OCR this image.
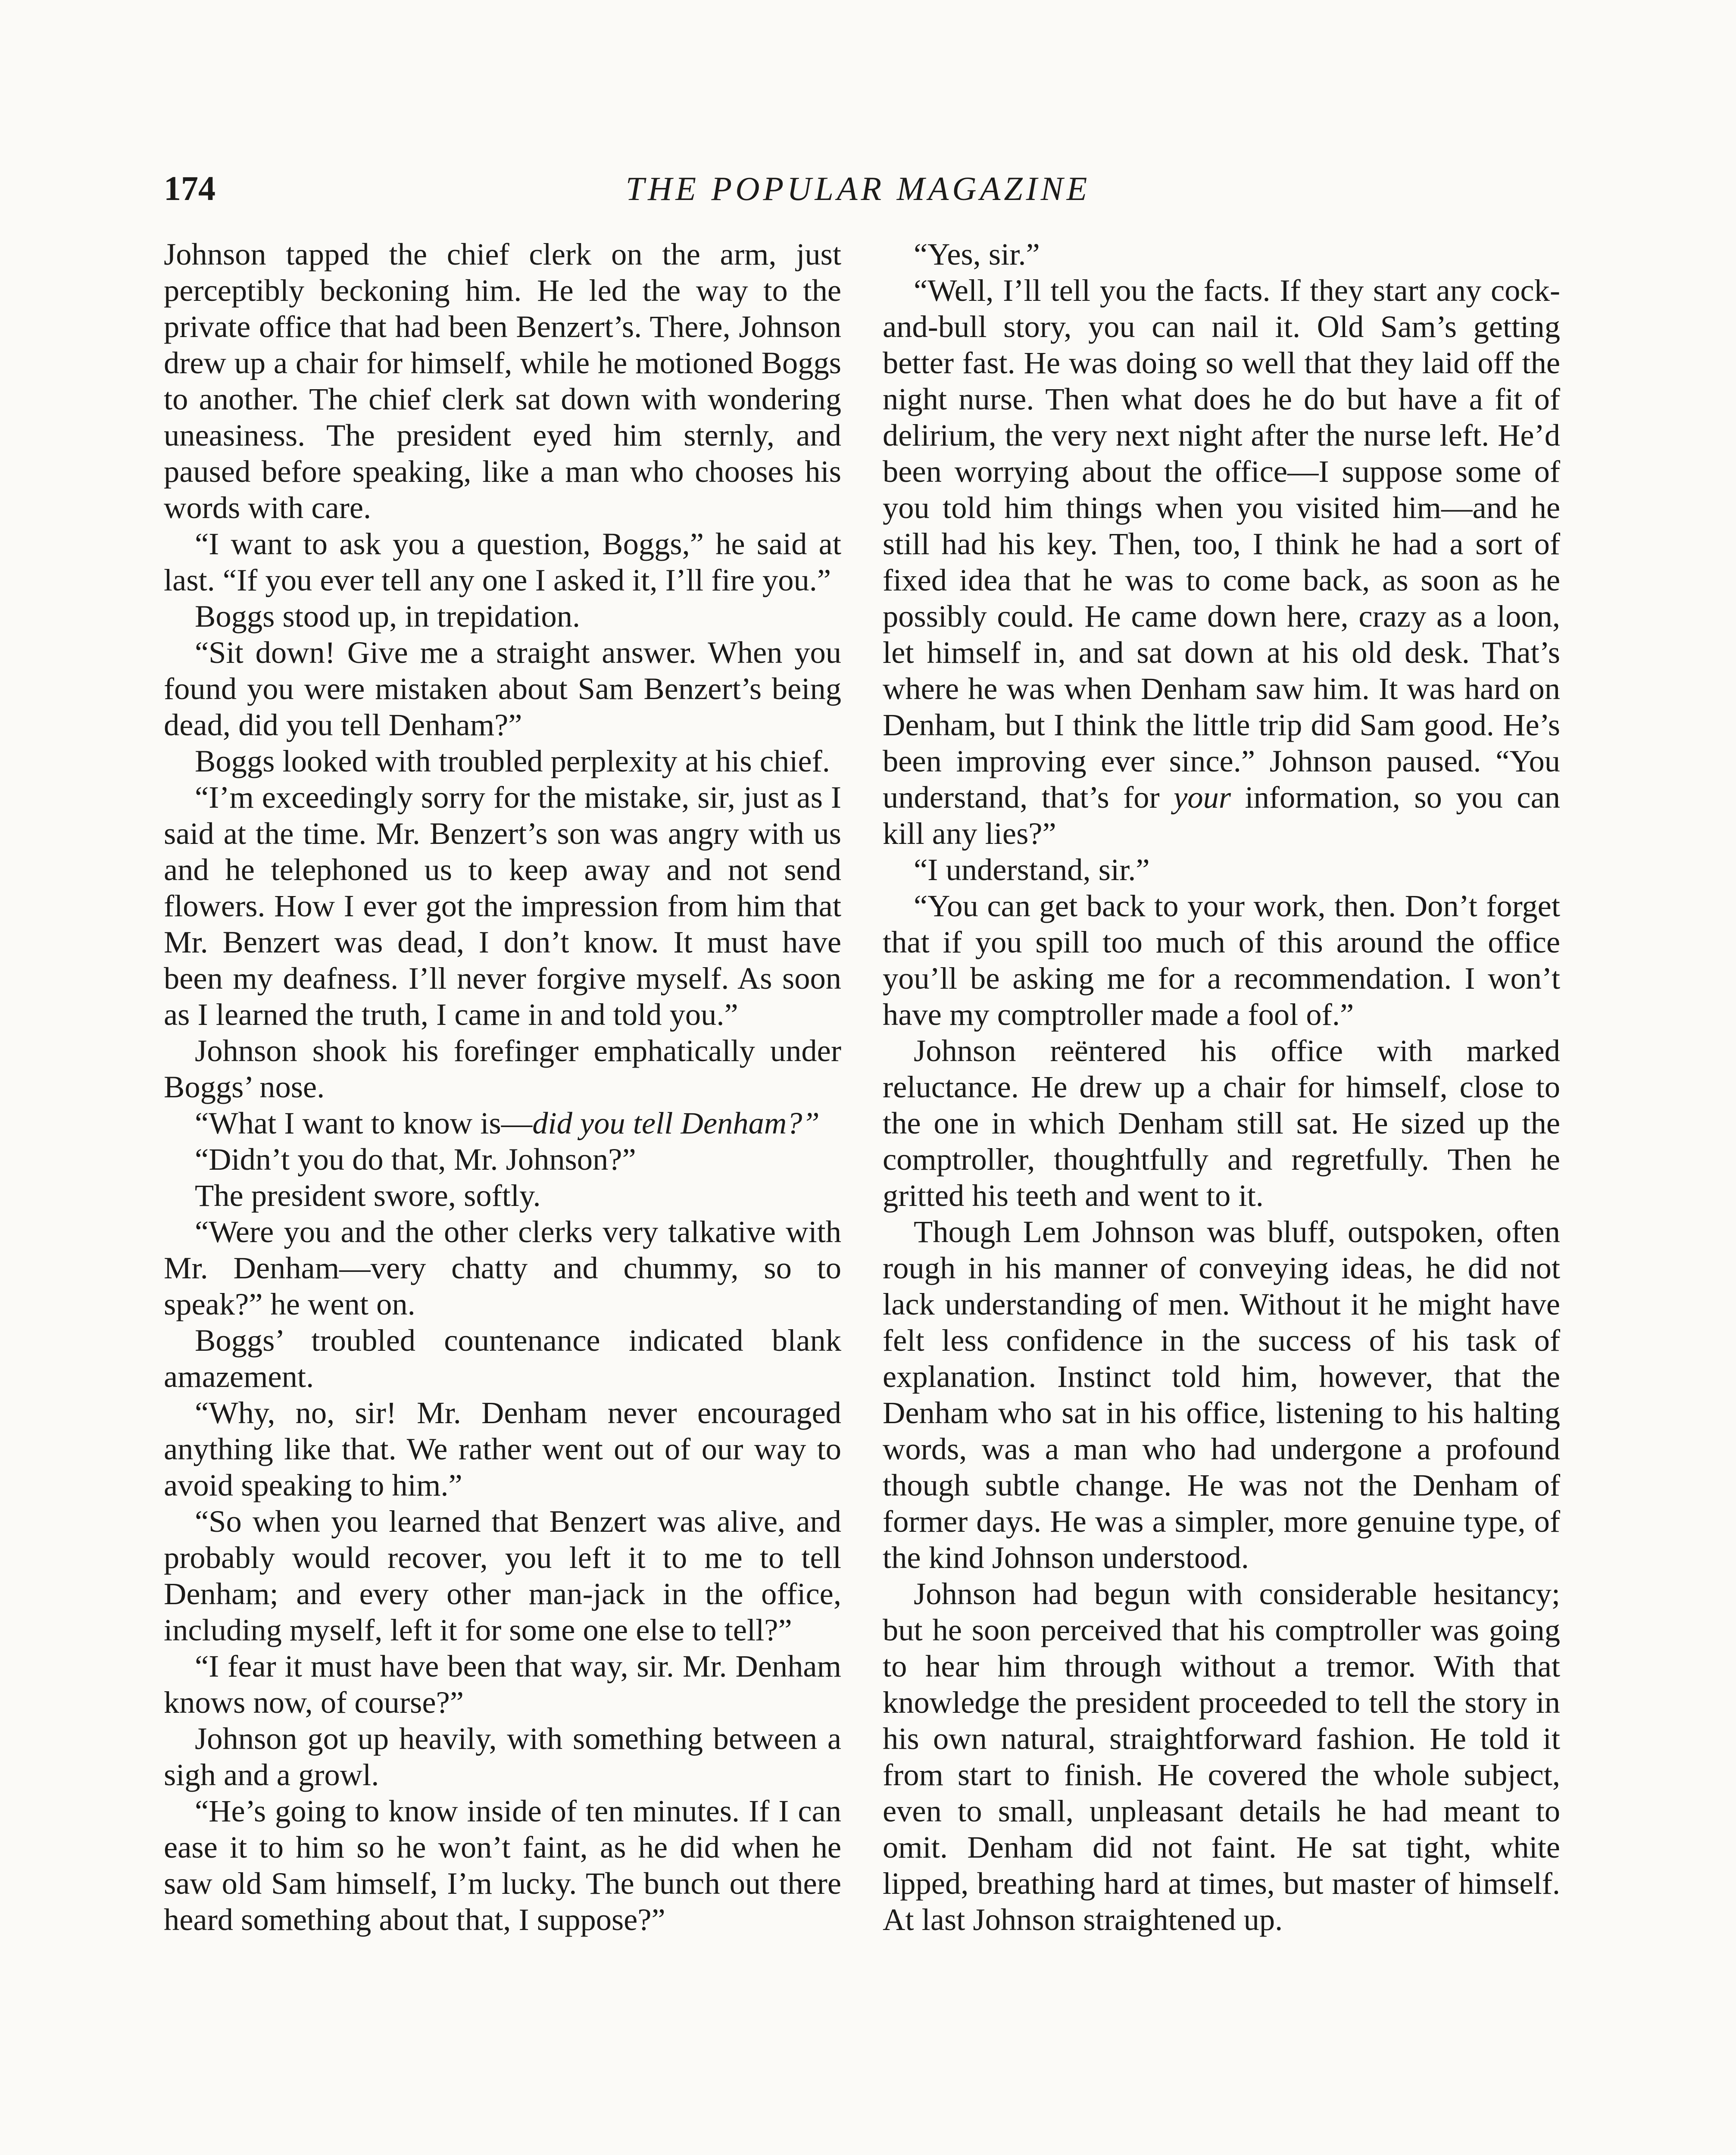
174	THE POPULAR MAGAZINE

Johnson tapped the chief clerk on the arm, just perceptibly beckoning him. He led the way to the private office that had been Benzert’s. There, Johnson drew up a chair for himself, while he motioned Boggs to another. The chief clerk sat down with wondering uneasiness. The president eyed him sternly, and paused before speaking, like a man who chooses his words with care.

“I want to ask you a question, Boggs,” he said at last. “If you ever tell any one I asked it, I’ll fire you.”

Boggs stood up, in trepidation.

“Sit down! Give me a straight answer. When you found you were mistaken about Sam Benzert’s being dead, did you tell Denham?”

Boggs looked with troubled perplexity at his chief.

“I’m exceedingly sorry for the mistake, sir, just as I said at the time. Mr. Benzert’s son was angry with us and he telephoned us to keep away and not send flowers. How I ever got the impression from him that Mr. Benzert was dead, I don’t know. It must have been my deafness. I’ll never forgive myself. As soon as I learned the truth, I came in and told you.”

Johnson shook his forefinger emphatically under Boggs’ nose.

“What I want to know is—did you tell Denham?”

“Didn’t you do that, Mr. Johnson?”

The president swore, softly.

“Were you and the other clerks very talkative with Mr. Denham—very chatty and chummy, so to speak?” he went on.

Boggs’ troubled countenance indicated blank amazement.

“Why, no, sir! Mr. Denham never encouraged anything like that. We rather went out of our way to avoid speaking to him.”

“So when you learned that Benzert was alive, and probably would recover, you left it to me to tell Denham; and every other man-jack in the office, including myself, left it for some one else to tell?”

“I fear it must have been that way, sir. Mr. Denham knows now, of course?”

Johnson got up heavily, with something between a sigh and a growl.

“He’s going to know inside of ten minutes. If I can ease it to him so he won’t faint, as he did when he saw old Sam himself, I’m lucky. The bunch out there heard something about that, I suppose?”

“Yes, sir.”

“Well, I’ll tell you the facts. If they start any cock-and-bull story, you can nail it. Old Sam’s getting better fast. He was doing so well that they laid off the night nurse. Then what does he do but have a fit of delirium, the very next night after the nurse left. He’d been worrying about the office—I suppose some of you told him things when you visited him—and he still had his key. Then, too, I think he had a sort of fixed idea that he was to come back, as soon as he possibly could. He came down here, crazy as a loon, let himself in, and sat down at his old desk. That’s where he was when Denham saw him. It was hard on Denham, but I think the little trip did Sam good. He’s been improving ever since.” Johnson paused. “You understand, that’s for your information, so you can kill any lies?”

“I understand, sir.”

“You can get back to your work, then. Don’t forget that if you spill too much of this around the office you’ll be asking me for a recommendation. I won’t have my comptroller made a fool of.”

Johnson reëntered his office with marked reluctance. He drew up a chair for himself, close to the one in which Denham still sat. He sized up the comptroller, thoughtfully and regretfully. Then he gritted his teeth and went to it.

Though Lem Johnson was bluff, outspoken, often rough in his manner of conveying ideas, he did not lack understanding of men. Without it he might have felt less confidence in the success of his task of explanation. Instinct told him, however, that the Denham who sat in his office, listening to his halting words, was a man who had undergone a profound though subtle change. He was not the Denham of former days. He was a simpler, more genuine type, of the kind Johnson understood.

Johnson had begun with considerable hesitancy; but he soon perceived that his comptroller was going to hear him through without a tremor. With that knowledge the president proceeded to tell the story in his own natural, straightforward fashion. He told it from start to finish. He covered the whole subject, even to small, unpleasant details he had meant to omit. Denham did not faint. He sat tight, white lipped, breathing hard at times, but master of himself. At last Johnson straightened up.
